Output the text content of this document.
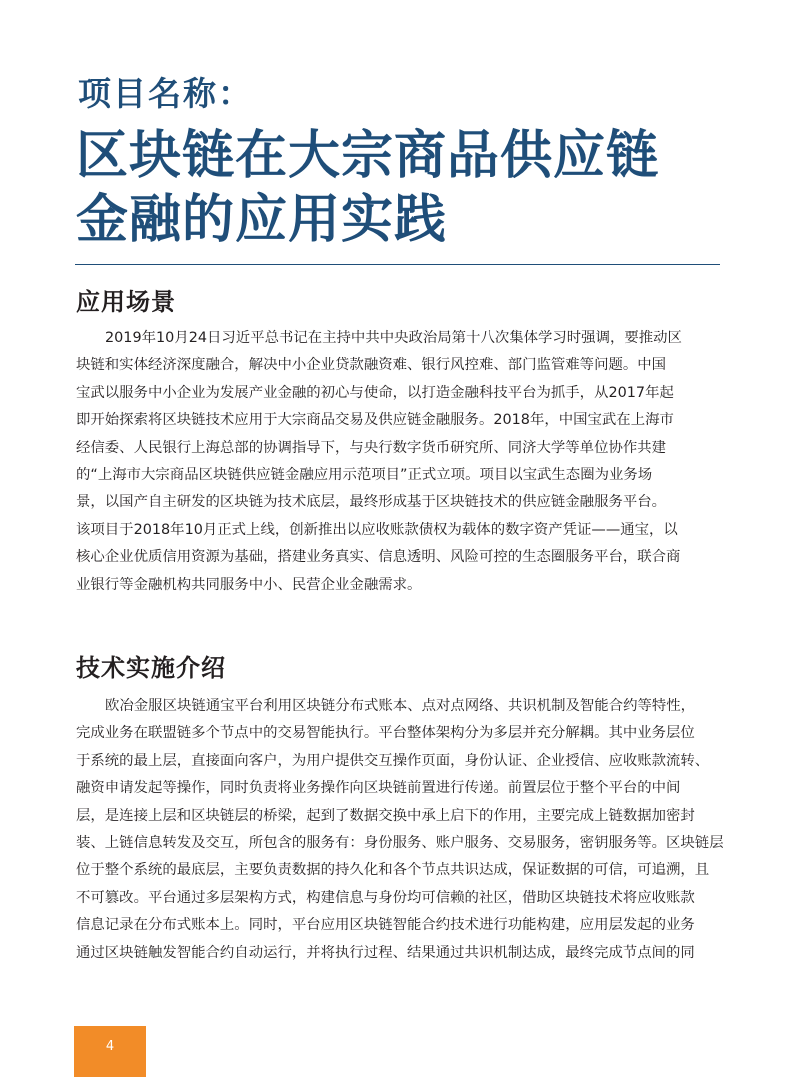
项目名称：
区块链在大宗商品供应链
金融的应用实践
应用场景

2019年10月24日习近平总书记在主持中共中央政治局第十八次集体学习时强调，要推动区
块链和实体经济深度融合，解决中小企业贷款融资难、银行风控难、部门监管难等问题。中国
宝武以服务中小企业为发展产业金融的初心与使命，以打造金融科技平台为抓手，从2017年起
即开始探索将区块链技术应用于大宗商品交易及供应链金融服务。2018年，中国宝武在上海市
经信委、人民银行上海总部的协调指导下，与央行数字货币研究所、同济大学等单位协作共建
的“上海市大宗商品区块链供应链金融应用示范项目”正式立项。项目以宝武生态圈为业务场
景，以国产自主研发的区块链为技术底层，最终形成基于区块链技术的供应链金融服务平台。
该项目于2018年10月正式上线，创新推出以应收账款债权为载体的数字资产凭证——通宝，以
核心企业优质信用资源为基础，搭建业务真实、信息透明、风险可控的生态圈服务平台，联合商
业银行等金融机构共同服务中小、民营企业金融需求。

技术实施介绍

欧冶金服区块链通宝平台利用区块链分布式账本、点对点网络、共识机制及智能合约等特性，
完成业务在联盟链多个节点中的交易智能执行。平台整体架构分为多层并充分解耦。其中业务层位
于系统的最上层，直接面向客户，为用户提供交互操作页面，身份认证、企业授信、应收账款流转、
融资申请发起等操作，同时负责将业务操作向区块链前置进行传递。前置层位于整个平台的中间
层，是连接上层和区块链层的桥梁，起到了数据交换中承上启下的作用，主要完成上链数据加密封
装、上链信息转发及交互，所包含的服务有：身份服务、账户服务、交易服务，密钥服务等。区块链层
位于整个系统的最底层，主要负责数据的持久化和各个节点共识达成，保证数据的可信，可追溯，且
不可篡改。平台通过多层架构方式，构建信息与身份均可信赖的社区，借助区块链技术将应收账款
信息记录在分布式账本上。同时，平台应用区块链智能合约技术进行功能构建，应用层发起的业务
通过区块链触发智能合约自动运行，并将执行过程、结果通过共识机制达成，最终完成节点间的同

4
